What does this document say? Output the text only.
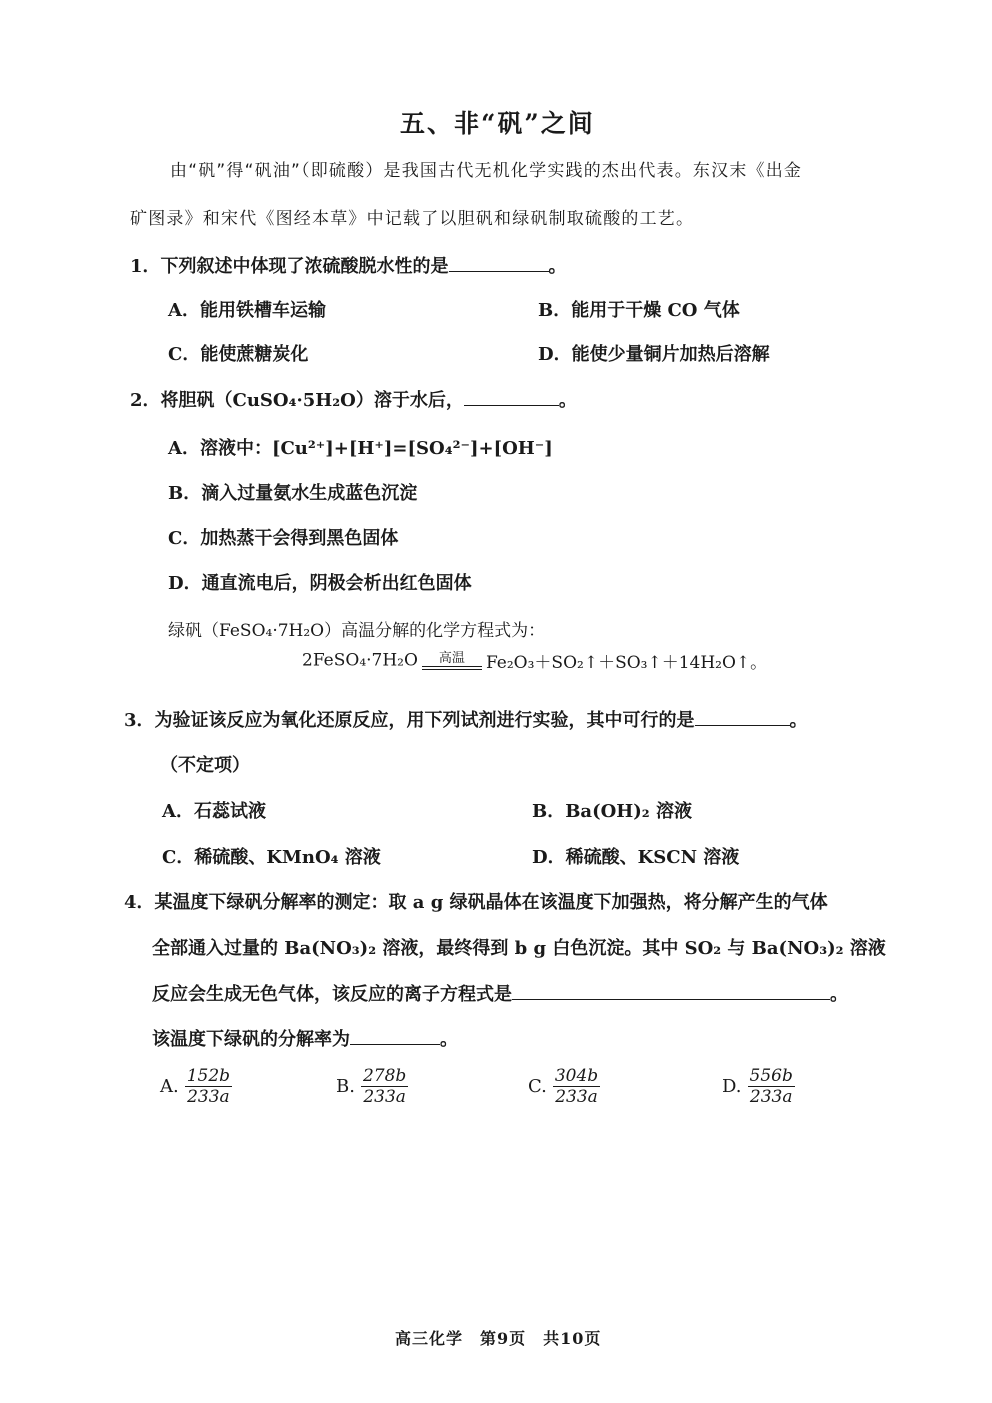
五、非“矾”之间
由“矾”得“矾油”（即硫酸）是我国古代无机化学实践的杰出代表。东汉末《出金
矿图录》和宋代《图经本草》中记载了以胆矾和绿矾制取硫酸的工艺。
1．下列叙述中体现了浓硫酸脱水性的是	。
A．能用铁槽车运输	B．能用于干燥 CO 气体
C．能使蔗糖炭化	D．能使少量铜片加热后溶解
2．将胆矾（CuSO₄·5H₂O）溶于水后，	。
A．溶液中：[Cu²⁺]+[H⁺]=[SO₄²⁻]+[OH⁻]
B．滴入过量氨水生成蓝色沉淀
C．加热蒸干会得到黑色固体
D．通直流电后，阴极会析出红色固体
绿矾（FeSO₄·7H₂O）高温分解的化学方程式为：
2FeSO₄·7H₂O	高温	Fe₂O₃＋SO₂↑＋SO₃↑＋14H₂O↑。
3．为验证该反应为氧化还原反应，用下列试剂进行实验，其中可行的是	。
（不定项）
A．石蕊试液	B．Ba(OH)₂ 溶液
C．稀硫酸、KMnO₄ 溶液	D．稀硫酸、KSCN 溶液
4．某温度下绿矾分解率的测定：取 a g 绿矾晶体在该温度下加强热，将分解产生的气体
全部通入过量的 Ba(NO₃)₂ 溶液，最终得到 b g 白色沉淀。其中 SO₂ 与 Ba(NO₃)₂ 溶液
反应会生成无色气体，该反应的离子方程式是	。
该温度下绿矾的分解率为	。
A. $\frac{152b}{233a}$	B. $\frac{278b}{233a}$	C. $\frac{304b}{233a}$	D. $\frac{556b}{233a}$
高三化学　第9页　共10页
